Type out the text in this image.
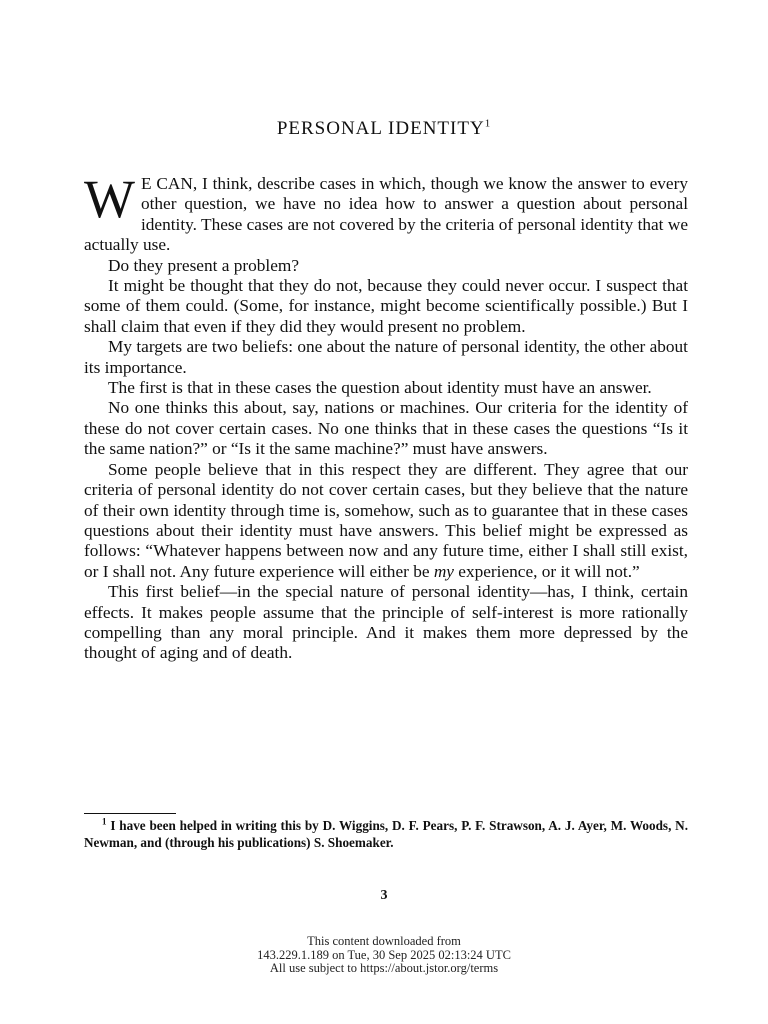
PERSONAL IDENTITY$^1$

W E CAN, I think, describe cases in which, though we know the answer to every other question, we have no idea how to answer a question about personal identity. These cases are not covered by the criteria of personal identity that we actually use.

Do they present a problem?

It might be thought that they do not, because they could never occur. I suspect that some of them could. (Some, for instance, might become scientifically possible.) But I shall claim that even if they did they would present no problem.

My targets are two beliefs: one about the nature of personal identity, the other about its importance.

The first is that in these cases the question about identity must have an answer.

No one thinks this about, say, nations or machines. Our criteria for the identity of these do not cover certain cases. No one thinks that in these cases the questions “Is it the same nation?” or “Is it the same machine?” must have answers.

Some people believe that in this respect they are different. They agree that our criteria of personal identity do not cover certain cases, but they believe that the nature of their own identity through time is, somehow, such as to guarantee that in these cases questions about their identity must have answers. This belief might be expressed as follows: “Whatever happens between now and any future time, either I shall still exist, or I shall not. Any future experience will either be my experience, or it will not.”

This first belief—in the special nature of personal identity—has, I think, certain effects. It makes people assume that the principle of self-interest is more rationally compelling than any moral principle. And it makes them more depressed by the thought of aging and of death.

$^1$ I have been helped in writing this by D. Wiggins, D. F. Pears, P. F. Strawson, A. J. Ayer, M. Woods, N. Newman, and (through his publications) S. Shoemaker.
3
This content downloaded from
143.229.1.189 on Tue, 30 Sep 2025 02:13:24 UTC
All use subject to https://about.jstor.org/terms
